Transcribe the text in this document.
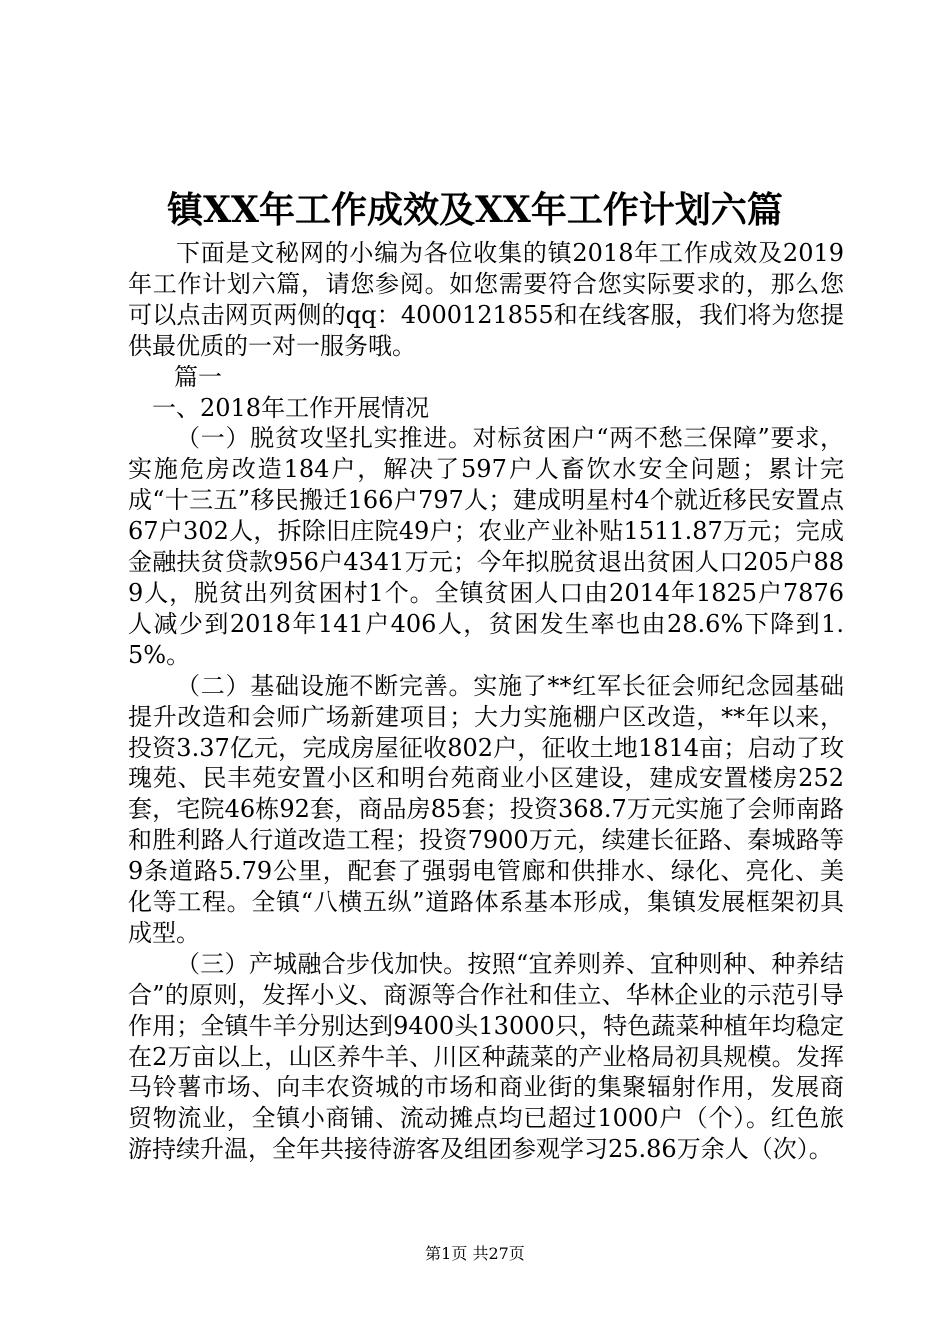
镇XX年工作成效及XX年工作计划六篇

下面是文秘网的小编为各位收集的镇2018年工作成效及2019年工作计划六篇，请您参阅。如您需要符合您实际要求的，那么您可以点击网页两侧的qq：4000121855和在线客服，我们将为您提供最优质的一对一服务哦。

篇一

一、2018年工作开展情况

（一）脱贫攻坚扎实推进。对标贫困户“两不愁三保障”要求，实施危房改造184户，解决了597户人畜饮水安全问题；累计完成“十三五”移民搬迁166户797人；建成明星村4个就近移民安置点67户302人，拆除旧庄院49户；农业产业补贴1511.87万元；完成金融扶贫贷款956户4341万元；今年拟脱贫退出贫困人口205户889人，脱贫出列贫困村1个。全镇贫困人口由2014年1825户7876人减少到2018年141户406人，贫困发生率也由28.6%下降到1.5%。

（二）基础设施不断完善。实施了**红军长征会师纪念园基础提升改造和会师广场新建项目；大力实施棚户区改造，**年以来，投资3.37亿元，完成房屋征收802户，征收土地1814亩；启动了玫瑰苑、民丰苑安置小区和明台苑商业小区建设，建成安置楼房252套，宅院46栋92套，商品房85套；投资368.7万元实施了会师南路和胜利路人行道改造工程；投资7900万元，续建长征路、秦城路等9条道路5.79公里，配套了强弱电管廊和供排水、绿化、亮化、美化等工程。全镇“八横五纵”道路体系基本形成，集镇发展框架初具成型。

（三）产城融合步伐加快。按照“宜养则养、宜种则种、种养结合”的原则，发挥小义、商源等合作社和佳立、华林企业的示范引导作用；全镇牛羊分别达到9400头13000只，特色蔬菜种植年均稳定在2万亩以上，山区养牛羊、川区种蔬菜的产业格局初具规模。发挥马铃薯市场、向丰农资城的市场和商业街的集聚辐射作用，发展商贸物流业，全镇小商铺、流动摊点均已超过1000户（个）。红色旅游持续升温，全年共接待游客及组团参观学习25.86万余人（次）。

第1页 共27页
